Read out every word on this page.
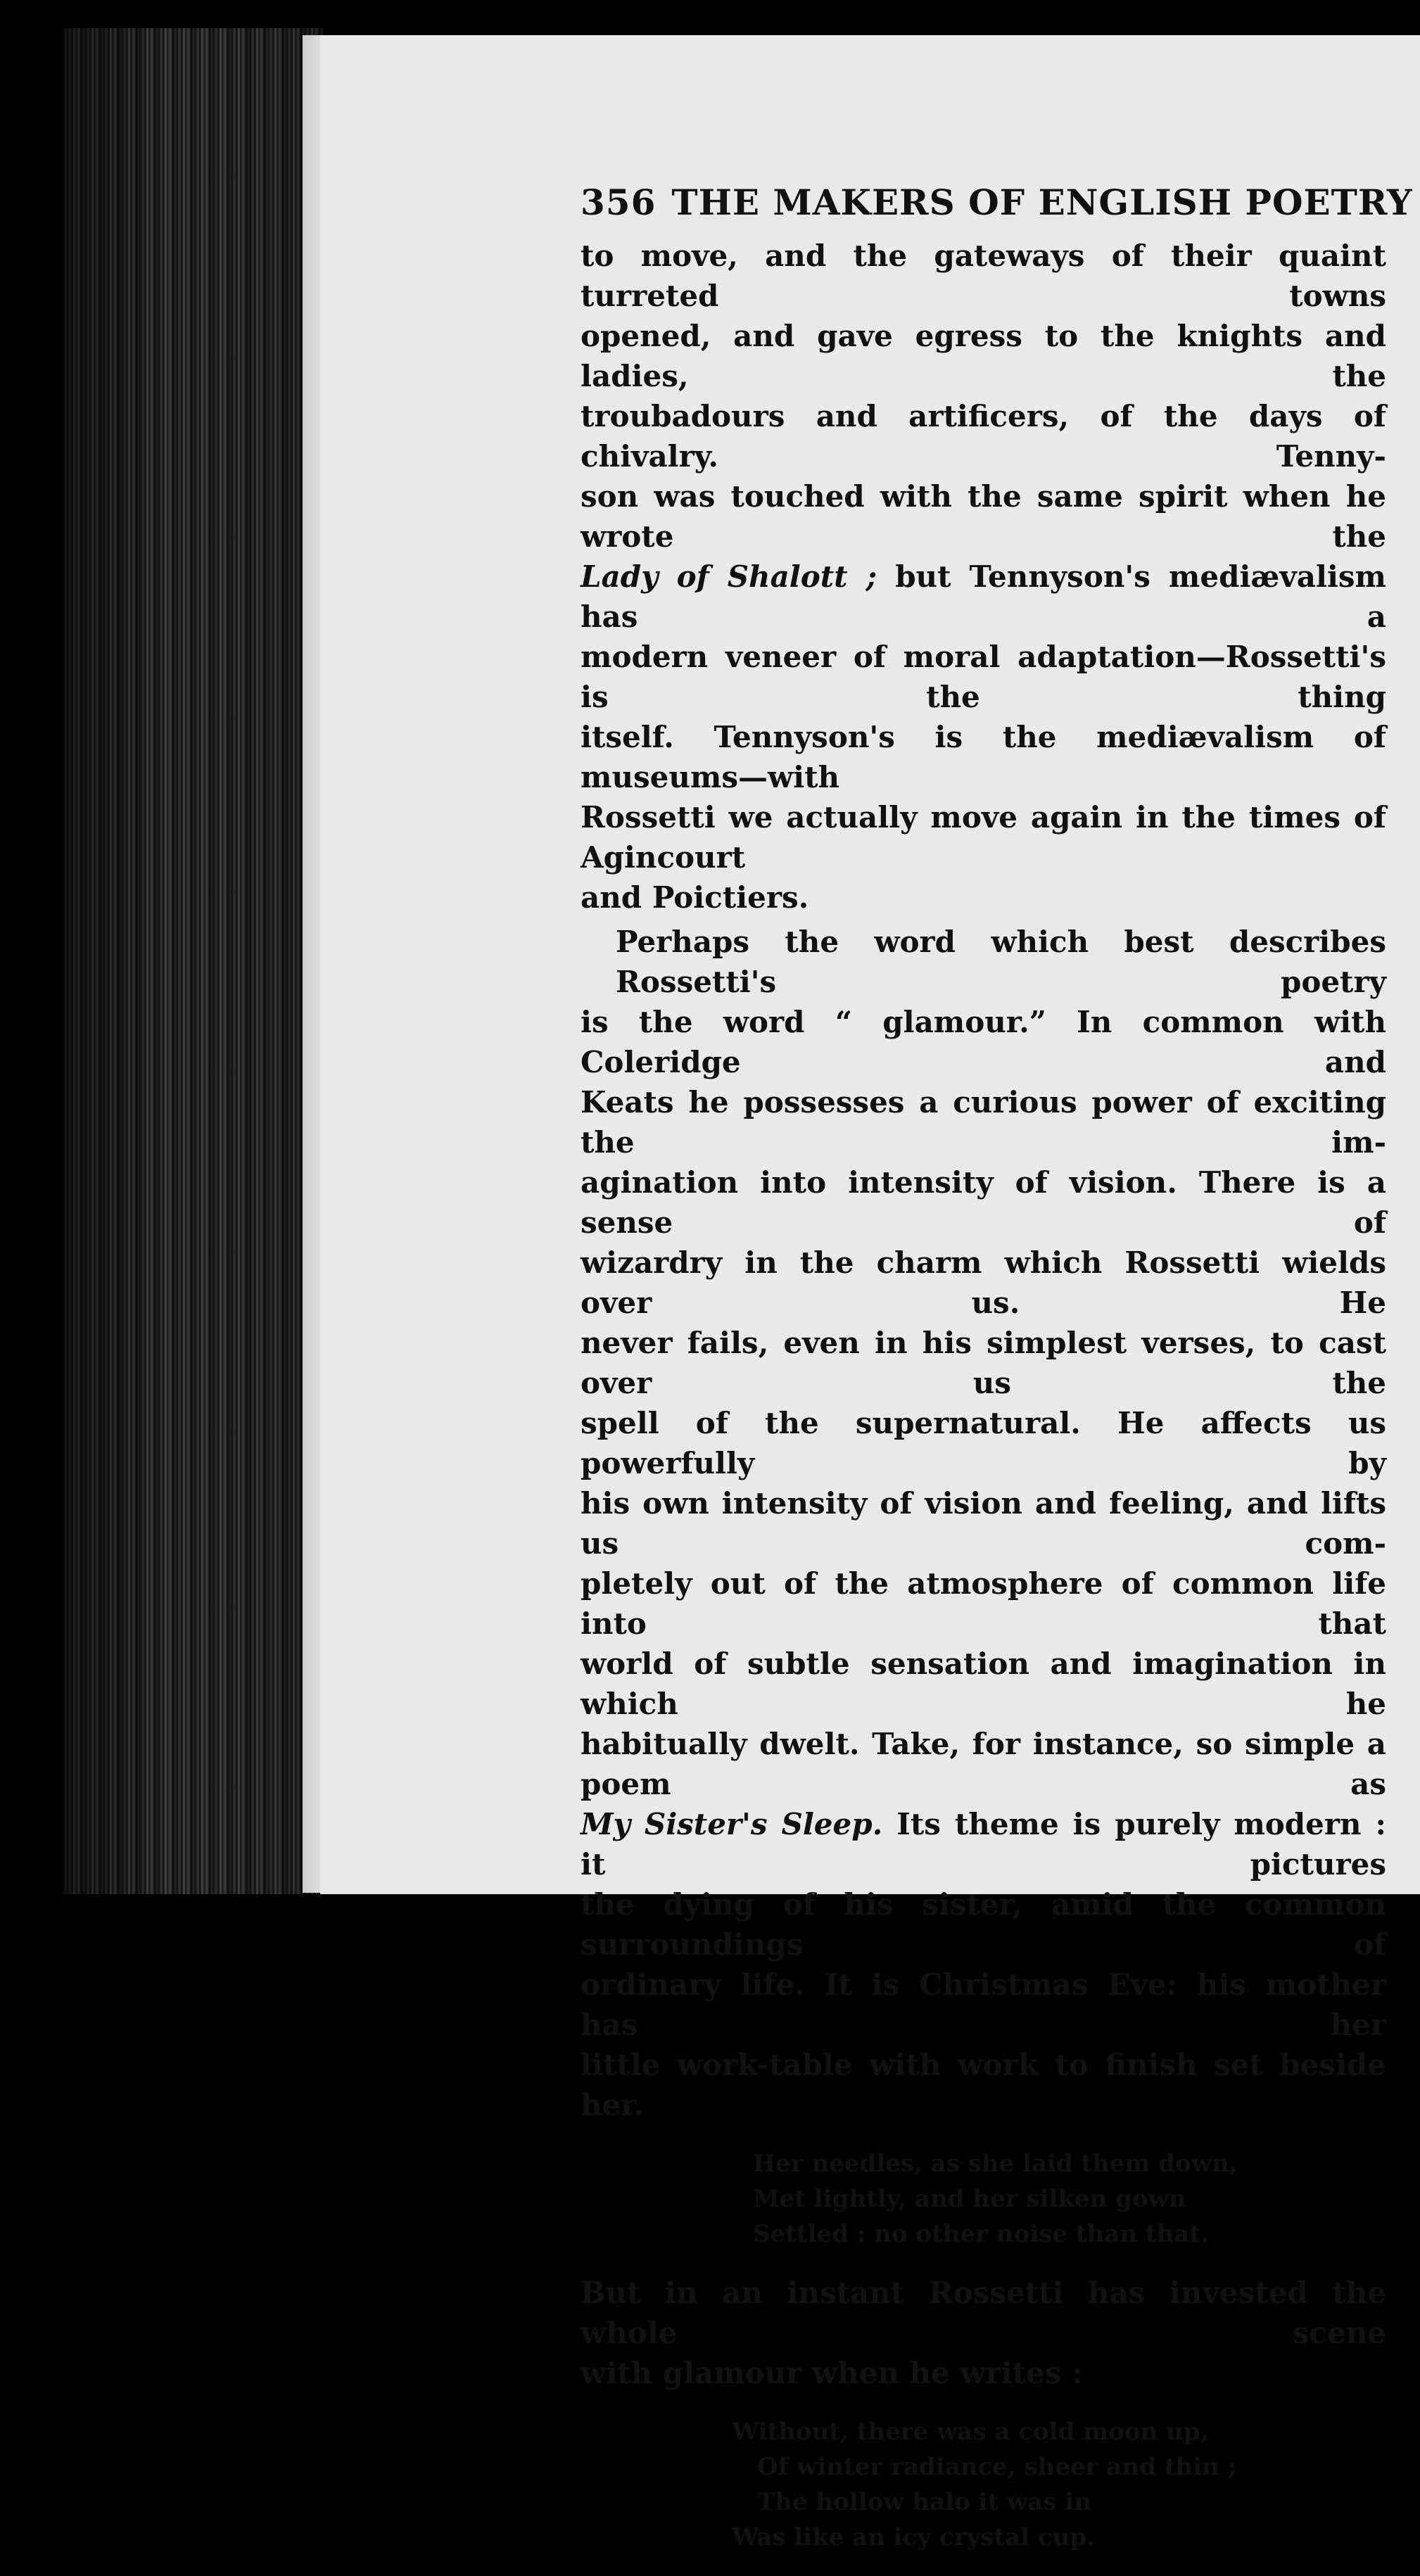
356 THE MAKERS OF ENGLISH POETRY

to move, and the gateways of their quaint turreted towns
opened, and gave egress to the knights and ladies, the
troubadours and artificers, of the days of chivalry. Tenny-
son was touched with the same spirit when he wrote the
Lady of Shalott ; but Tennyson's mediævalism has a
modern veneer of moral adaptation—Rossetti's is the thing
itself. Tennyson's is the mediævalism of museums—with
Rossetti we actually move again in the times of Agincourt
and Poictiers.

Perhaps the word which best describes Rossetti's poetry
is the word “ glamour.” In common with Coleridge and
Keats he possesses a curious power of exciting the im-
agination into intensity of vision. There is a sense of
wizardry in the charm which Rossetti wields over us. He
never fails, even in his simplest verses, to cast over us the
spell of the supernatural. He affects us powerfully by
his own intensity of vision and feeling, and lifts us com-
pletely out of the atmosphere of common life into that
world of subtle sensation and imagination in which he
habitually dwelt. Take, for instance, so simple a poem as
My Sister's Sleep. Its theme is purely modern : it pictures
the dying of his sister, amid the common surroundings of
ordinary life. It is Christmas Eve: his mother has her
little work-table with work to finish set beside her.

Her needles, as she laid them down,
Met lightly, and her silken gown
Settled : no other noise than that.

But in an instant Rossetti has invested the whole scene
with glamour when he writes :

Without, there was a cold moon up,
Of winter radiance, sheer and thin ;
The hollow halo it was in
Was like an icy crystal cup.
